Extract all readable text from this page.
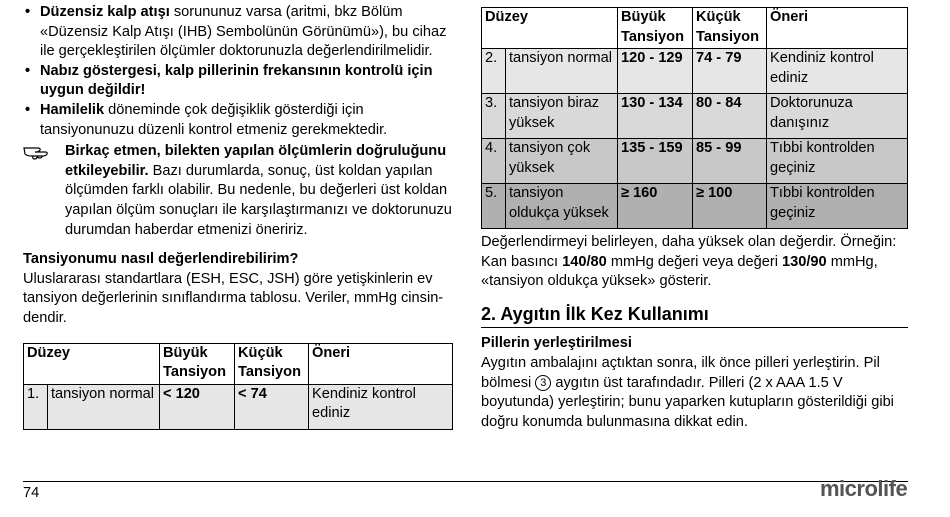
• Düzensiz kalp atışı sorununuz varsa (aritmi, bkz Bölüm «Düzensiz Kalp Atışı (IHB) Sembolünün Görünümü»), bu cihaz ile gerçekleştirilen ölçümler doktorunuzla değerlendirilmelidir.
• Nabız göstergesi, kalp pillerinin frekansının kontrolü için uygun değildir!
• Hamilelik döneminde çok değişiklik gösterdiği için tansiyonunuzu düzenli kontrol etmeniz gerekmektedir.
Birkaç etmen, bilekten yapılan ölçümlerin doğruluğunu etkileyebilir. Bazı durumlarda, sonuç, üst koldan yapılan ölçümden farklı olabilir. Bu nedenle, bu değerleri üst koldan yapılan ölçüm sonuçları ile karşılaştırmanızı ve doktorunuzu durumdan haberdar etmenizi öneririz.
Tansiyonumu nasıl değerlendirebilirim?
Uluslararası standartlara (ESH, ESC, JSH) göre yetişkinlerin ev tansiyon değerlerinin sınıflandırma tablosu. Veriler, mmHg cinsin-dendir.
Düzey		Büyük Tansiyon	Küçük Tansiyon	Öneri
1.	tansiyon normal	< 120	< 74	Kendiniz kontrol ediniz
Düzey		Büyük Tansiyon	Küçük Tansiyon	Öneri
2.	tansiyon normal	120 - 129	74 - 79	Kendiniz kontrol ediniz
3.	tansiyon biraz yüksek	130 - 134	80 - 84	Doktorunuza danışınız
4.	tansiyon çok yüksek	135 - 159	85 - 99	Tıbbi kontrolden geçiniz
5.	tansiyon oldukça yüksek	≥ 160	≥ 100	Tıbbi kontrolden geçiniz
Değerlendirmeyi belirleyen, daha yüksek olan değerdir. Örneğin: Kan basıncı 140/80 mmHg değeri veya değeri 130/90 mmHg, «tansiyon oldukça yüksek» gösterir.
2. Aygıtın İlk Kez Kullanımı
Pillerin yerleştirilmesi
Aygıtın ambalajını açtıktan sonra, ilk önce pilleri yerleştirin. Pil bölmesi 3 aygıtın üst tarafındadır. Pilleri (2 x AAA 1.5 V boyutunda) yerleştirin; bunu yaparken kutupların gösterildiği gibi doğru konumda bulunmasına dikkat edin.
74	microlife
